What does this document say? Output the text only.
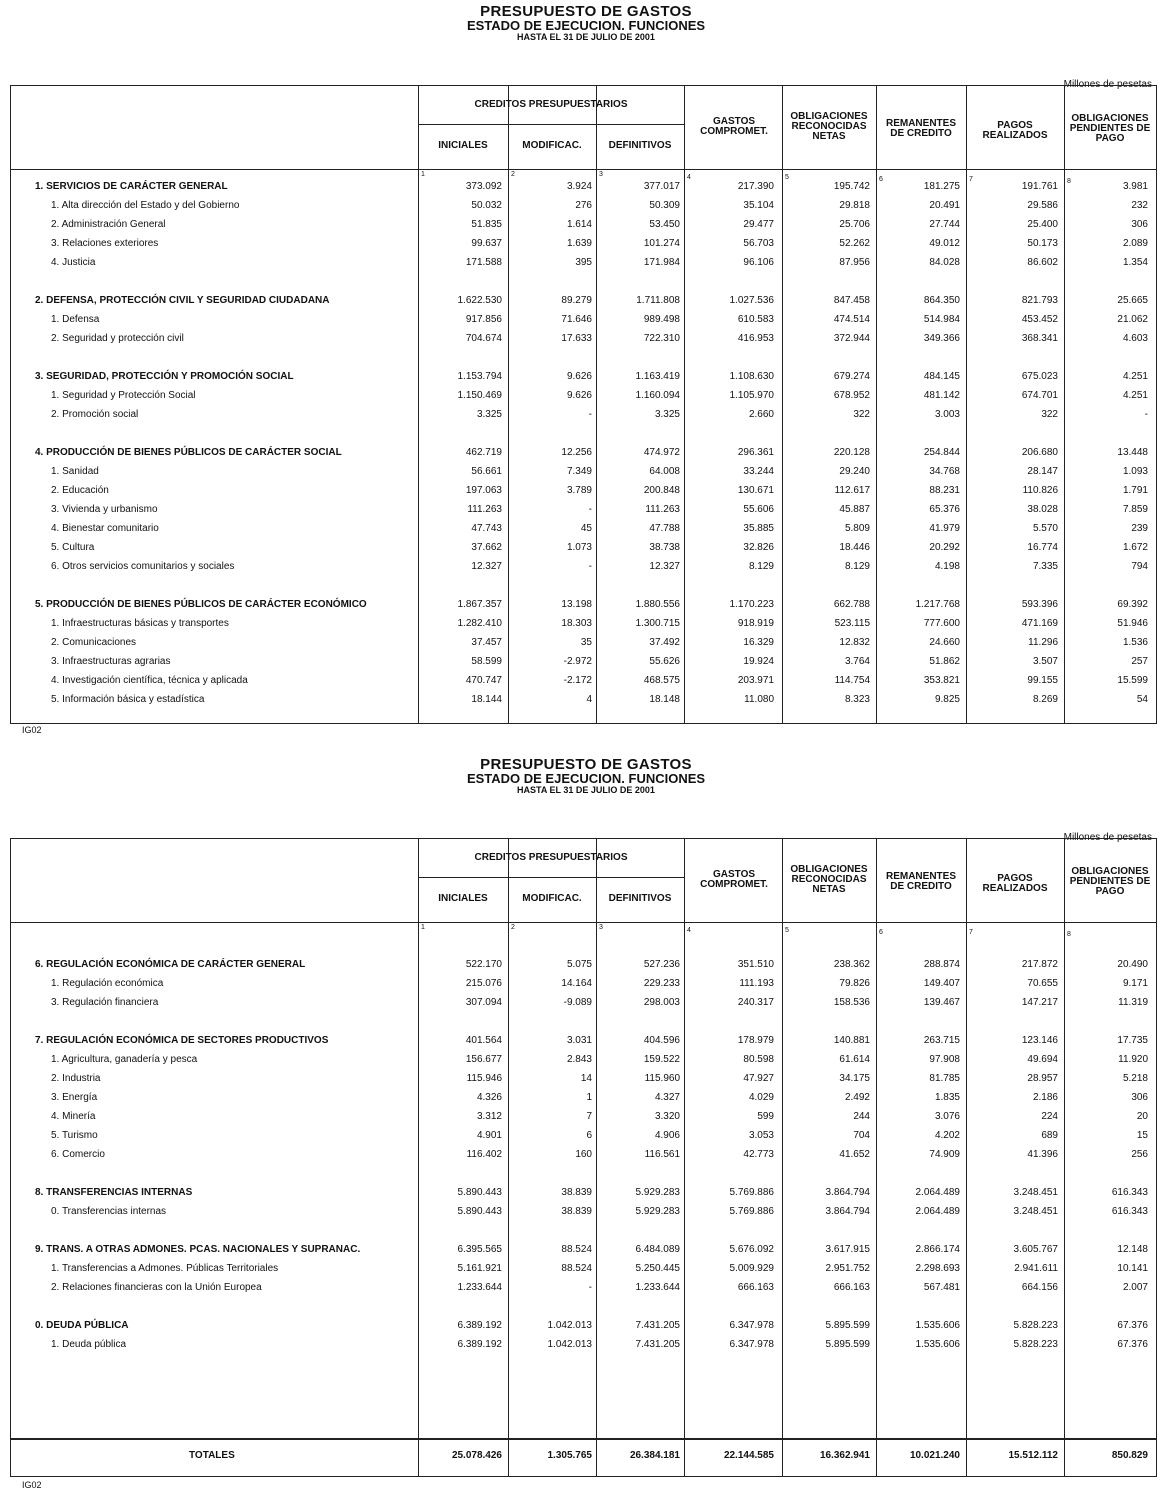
PRESUPUESTO DE GASTOS
ESTADO DE EJECUCION. FUNCIONES
HASTA EL 31 DE JULIO DE 2001
Millones de pesetas
CREDITOS PRESUPUESTARIOS
INICIALES	MODIFICAC.	DEFINITIVOS
GASTOS COMPROMET.
OBLIGACIONES RECONOCIDAS NETAS
REMANENTES DE CREDITO
PAGOS REALIZADOS
OBLIGACIONES PENDIENTES DE PAGO
1	2	3	4	5	6	7	8
1. SERVICIOS DE CARÁCTER GENERAL	373.092	3.924	377.017	217.390	195.742	181.275	191.761	3.981
1. Alta dirección del Estado y del Gobierno	50.032	276	50.309	35.104	29.818	20.491	29.586	232
2. Administración General	51.835	1.614	53.450	29.477	25.706	27.744	25.400	306
3. Relaciones exteriores	99.637	1.639	101.274	56.703	52.262	49.012	50.173	2.089
4. Justicia	171.588	395	171.984	96.106	87.956	84.028	86.602	1.354
2. DEFENSA, PROTECCIÓN CIVIL Y SEGURIDAD CIUDADANA	1.622.530	89.279	1.711.808	1.027.536	847.458	864.350	821.793	25.665
1. Defensa	917.856	71.646	989.498	610.583	474.514	514.984	453.452	21.062
2. Seguridad y protección civil	704.674	17.633	722.310	416.953	372.944	349.366	368.341	4.603
3. SEGURIDAD, PROTECCIÓN Y PROMOCIÓN SOCIAL	1.153.794	9.626	1.163.419	1.108.630	679.274	484.145	675.023	4.251
1. Seguridad y Protección Social	1.150.469	9.626	1.160.094	1.105.970	678.952	481.142	674.701	4.251
2. Promoción social	3.325	-	3.325	2.660	322	3.003	322	-
4. PRODUCCIÓN DE BIENES PÚBLICOS DE CARÁCTER SOCIAL	462.719	12.256	474.972	296.361	220.128	254.844	206.680	13.448
1. Sanidad	56.661	7.349	64.008	33.244	29.240	34.768	28.147	1.093
2. Educación	197.063	3.789	200.848	130.671	112.617	88.231	110.826	1.791
3. Vivienda y urbanismo	111.263	-	111.263	55.606	45.887	65.376	38.028	7.859
4. Bienestar comunitario	47.743	45	47.788	35.885	5.809	41.979	5.570	239
5. Cultura	37.662	1.073	38.738	32.826	18.446	20.292	16.774	1.672
6. Otros servicios comunitarios y sociales	12.327	-	12.327	8.129	8.129	4.198	7.335	794
5. PRODUCCIÓN DE BIENES PÚBLICOS DE CARÁCTER ECONÓMICO	1.867.357	13.198	1.880.556	1.170.223	662.788	1.217.768	593.396	69.392
1. Infraestructuras básicas y transportes	1.282.410	18.303	1.300.715	918.919	523.115	777.600	471.169	51.946
2. Comunicaciones	37.457	35	37.492	16.329	12.832	24.660	11.296	1.536
3. Infraestructuras agrarias	58.599	-2.972	55.626	19.924	3.764	51.862	3.507	257
4. Investigación científica, técnica y aplicada	470.747	-2.172	468.575	203.971	114.754	353.821	99.155	15.599
5. Información básica y estadística	18.144	4	18.148	11.080	8.323	9.825	8.269	54
IG02
PRESUPUESTO DE GASTOS
ESTADO DE EJECUCION. FUNCIONES
HASTA EL 31 DE JULIO DE 2001
Millones de pesetas
CREDITOS PRESUPUESTARIOS
INICIALES	MODIFICAC.	DEFINITIVOS
GASTOS COMPROMET.
OBLIGACIONES RECONOCIDAS NETAS
REMANENTES DE CREDITO
PAGOS REALIZADOS
OBLIGACIONES PENDIENTES DE PAGO
1	2	3	4	5	6	7	8
6. REGULACIÓN ECONÓMICA DE CARÁCTER GENERAL	522.170	5.075	527.236	351.510	238.362	288.874	217.872	20.490
1. Regulación económica	215.076	14.164	229.233	111.193	79.826	149.407	70.655	9.171
3. Regulación financiera	307.094	-9.089	298.003	240.317	158.536	139.467	147.217	11.319
7. REGULACIÓN ECONÓMICA DE SECTORES PRODUCTIVOS	401.564	3.031	404.596	178.979	140.881	263.715	123.146	17.735
1. Agricultura, ganadería y pesca	156.677	2.843	159.522	80.598	61.614	97.908	49.694	11.920
2. Industria	115.946	14	115.960	47.927	34.175	81.785	28.957	5.218
3. Energía	4.326	1	4.327	4.029	2.492	1.835	2.186	306
4. Minería	3.312	7	3.320	599	244	3.076	224	20
5. Turismo	4.901	6	4.906	3.053	704	4.202	689	15
6. Comercio	116.402	160	116.561	42.773	41.652	74.909	41.396	256
8. TRANSFERENCIAS INTERNAS	5.890.443	38.839	5.929.283	5.769.886	3.864.794	2.064.489	3.248.451	616.343
0. Transferencias internas	5.890.443	38.839	5.929.283	5.769.886	3.864.794	2.064.489	3.248.451	616.343
9. TRANS. A OTRAS ADMONES. PCAS. NACIONALES Y SUPRANAC.	6.395.565	88.524	6.484.089	5.676.092	3.617.915	2.866.174	3.605.767	12.148
1. Transferencias a Admones. Públicas Territoriales	5.161.921	88.524	5.250.445	5.009.929	2.951.752	2.298.693	2.941.611	10.141
2. Relaciones financieras con la Unión Europea	1.233.644	-	1.233.644	666.163	666.163	567.481	664.156	2.007
0. DEUDA PÚBLICA	6.389.192	1.042.013	7.431.205	6.347.978	5.895.599	1.535.606	5.828.223	67.376
1. Deuda pública	6.389.192	1.042.013	7.431.205	6.347.978	5.895.599	1.535.606	5.828.223	67.376
TOTALES	25.078.426	1.305.765	26.384.181	22.144.585	16.362.941	10.021.240	15.512.112	850.829
IG02
